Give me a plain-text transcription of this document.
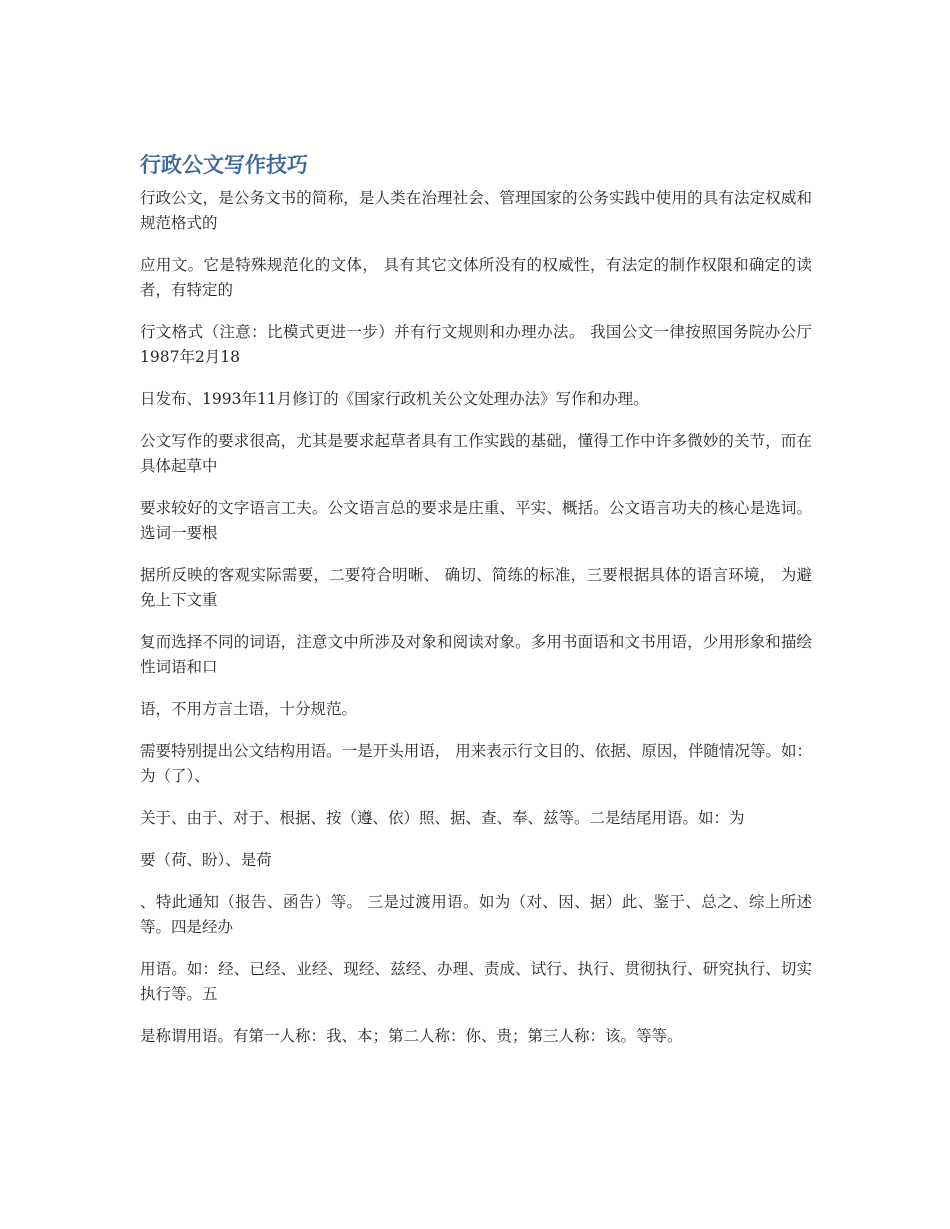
行政公文写作技巧

行政公文，是公务文书的简称，是人类在治理社会、管理国家的公务实践中使用的具有法定权威和规范格式的

应用文。它是特殊规范化的文体， 具有其它文体所没有的权威性，有法定的制作权限和确定的读者，有特定的

行文格式（注意：比模式更进一步）并有行文规则和办理办法。 我国公文一律按照国务院办公厅1987年2月18

日发布、1993年11月修订的《国家行政机关公文处理办法》写作和办理。

公文写作的要求很高，尤其是要求起草者具有工作实践的基础，懂得工作中许多微妙的关节，而在具体起草中

要求较好的文字语言工夫。公文语言总的要求是庄重、平实、概括。公文语言功夫的核心是选词。选词一要根

据所反映的客观实际需要，二要符合明晰、 确切、简练的标准，三要根据具体的语言环境， 为避免上下文重

复而选择不同的词语，注意文中所涉及对象和阅读对象。多用书面语和文书用语，少用形象和描绘性词语和口

语，不用方言土语，十分规范。

需要特别提出公文结构用语。一是开头用语， 用来表示行文目的、依据、原因，伴随情况等。如：为（了）、

关于、由于、对于、根据、按（遵、依）照、据、查、奉、兹等。二是结尾用语。如：为

要（荷、盼）、是荷

、特此通知（报告、函告）等。 三是过渡用语。如为（对、因、据）此、鉴于、总之、综上所述等。四是经办

用语。如：经、已经、业经、现经、兹经、办理、责成、试行、执行、贯彻执行、研究执行、切实执行等。五

是称谓用语。有第一人称：我、本；第二人称：你、贵；第三人称：该。等等。
